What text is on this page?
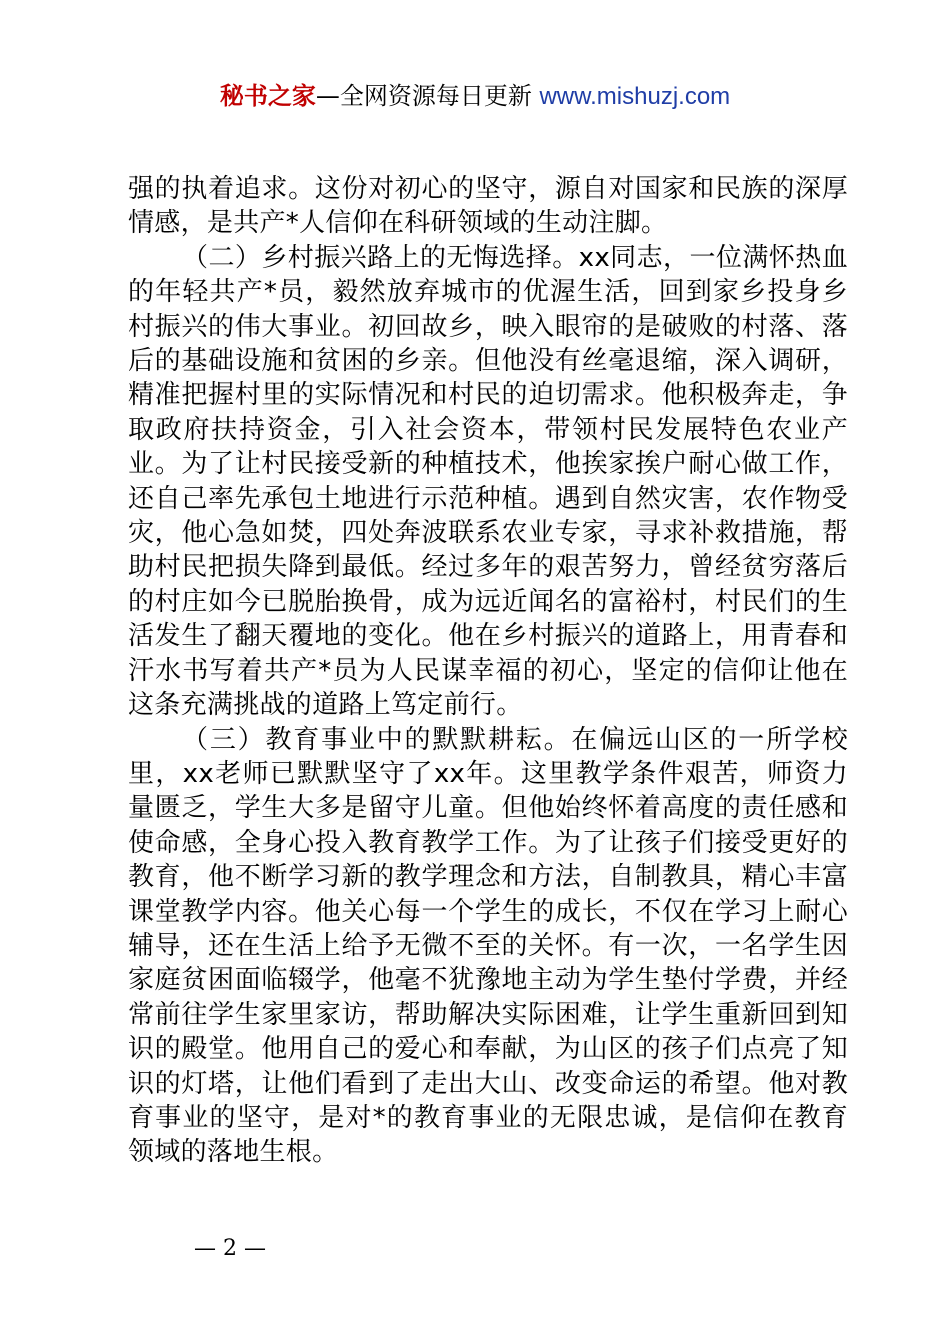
秘书之家—全网资源每日更新 www.mishuzj.com

强的执着追求。这份对初心的坚守，源自对国家和民族的深厚情感，是共产*人信仰在科研领域的生动注脚。

（二）乡村振兴路上的无悔选择。xx同志，一位满怀热血的年轻共产*员，毅然放弃城市的优渥生活，回到家乡投身乡村振兴的伟大事业。初回故乡，映入眼帘的是破败的村落、落后的基础设施和贫困的乡亲。但他没有丝毫退缩，深入调研，精准把握村里的实际情况和村民的迫切需求。他积极奔走，争取政府扶持资金，引入社会资本，带领村民发展特色农业产业。为了让村民接受新的种植技术，他挨家挨户耐心做工作，还自己率先承包土地进行示范种植。遇到自然灾害，农作物受灾，他心急如焚，四处奔波联系农业专家，寻求补救措施，帮助村民把损失降到最低。经过多年的艰苦努力，曾经贫穷落后的村庄如今已脱胎换骨，成为远近闻名的富裕村，村民们的生活发生了翻天覆地的变化。他在乡村振兴的道路上，用青春和汗水书写着共产*员为人民谋幸福的初心，坚定的信仰让他在这条充满挑战的道路上笃定前行。

（三）教育事业中的默默耕耘。在偏远山区的一所学校里，xx老师已默默坚守了xx年。这里教学条件艰苦，师资力量匮乏，学生大多是留守儿童。但他始终怀着高度的责任感和使命感，全身心投入教育教学工作。为了让孩子们接受更好的教育，他不断学习新的教学理念和方法，自制教具，精心丰富课堂教学内容。他关心每一个学生的成长，不仅在学习上耐心辅导，还在生活上给予无微不至的关怀。有一次，一名学生因家庭贫困面临辍学，他毫不犹豫地主动为学生垫付学费，并经常前往学生家里家访，帮助解决实际困难，让学生重新回到知识的殿堂。他用自己的爱心和奉献，为山区的孩子们点亮了知识的灯塔，让他们看到了走出大山、改变命运的希望。他对教育事业的坚守，是对*的教育事业的无限忠诚，是信仰在教育领域的落地生根。

— 2 —
